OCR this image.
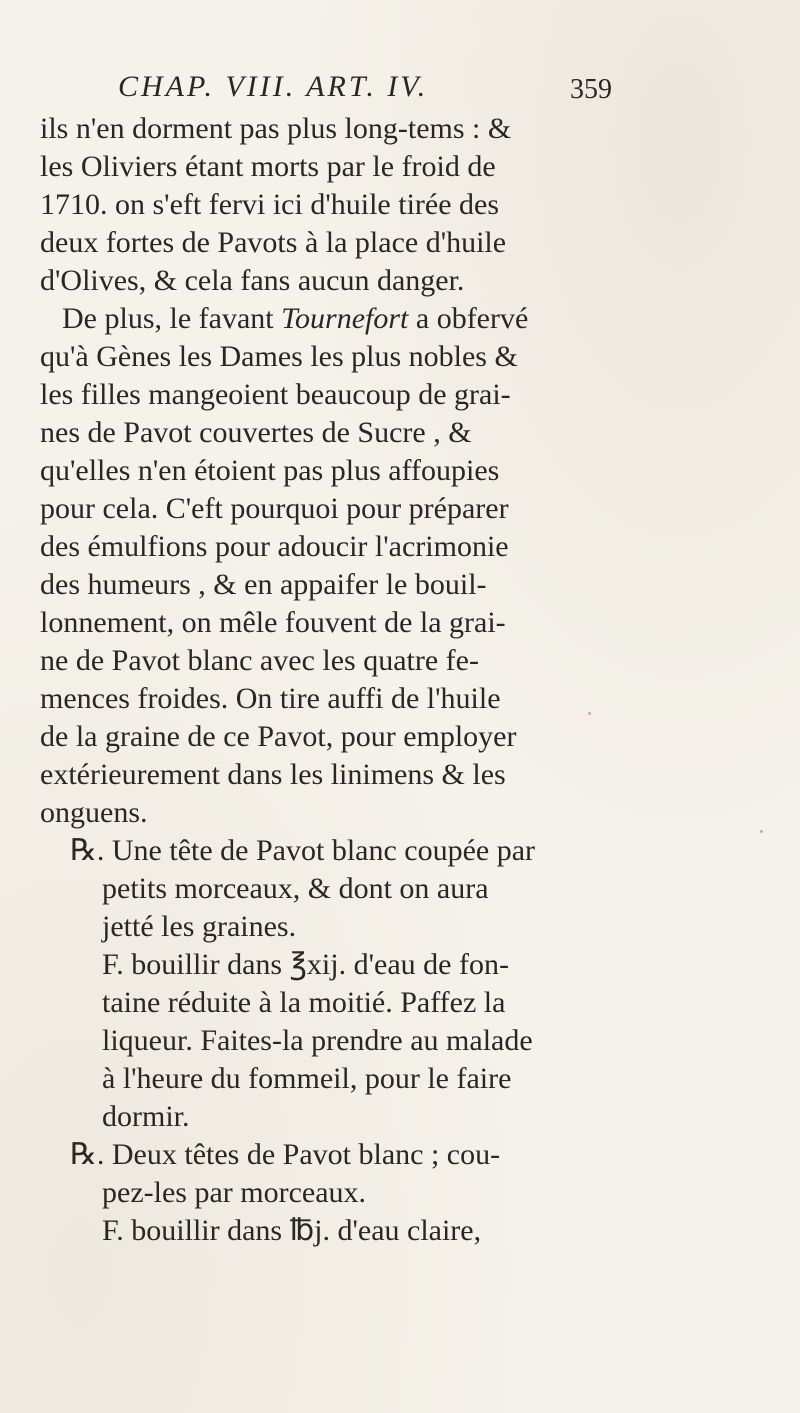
CHAP. VIII. ART. IV.	359
ils n'en dorment pas plus long-tems : &
les Oliviers étant morts par le froid de
1710. on s'eft fervi ici d'huile tirée des
deux fortes de Pavots à la place d'huile
d'Olives, & cela fans aucun danger.
De plus, le favant Tournefort a obfervé
qu'à Gènes les Dames les plus nobles &
les filles mangeoient beaucoup de grai-
nes de Pavot couvertes de Sucre , &
qu'elles n'en étoient pas plus affoupies
pour cela. C'eft pourquoi pour préparer
des émulfions pour adoucir l'acrimonie
des humeurs , & en appaifer le bouil-
lonnement, on mêle fouvent de la grai-
ne de Pavot blanc avec les quatre fe-
mences froides. On tire auffi de l'huile
de la graine de ce Pavot, pour employer
extérieurement dans les linimens & les
onguens.
℞. Une tête de Pavot blanc coupée par
petits morceaux, & dont on aura
jetté les graines.
F. bouillir dans ℥xij. d'eau de fon-
taine réduite à la moitié. Paffez la
liqueur. Faites-la prendre au malade
à l'heure du fommeil, pour le faire
dormir.
℞. Deux têtes de Pavot blanc ; cou-
pez-les par morceaux.
F. bouillir dans ℔j. d'eau claire,
